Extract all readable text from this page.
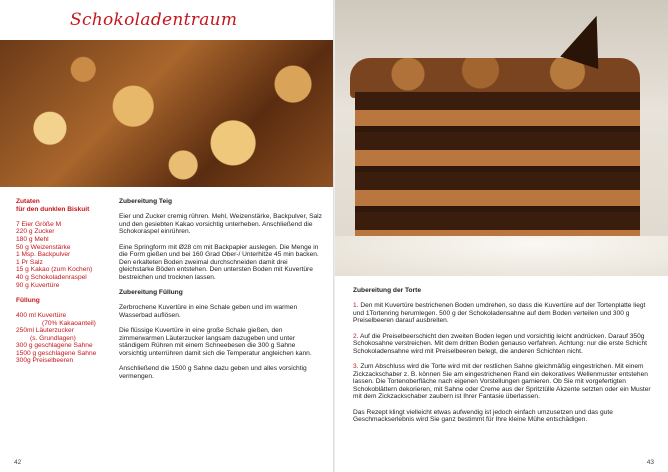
Schokoladentraum
Zutaten
für den dunklen Biskuit
7 Eier Größe M
220 g Zucker
180 g Mehl
50 g Weizenstärke
1 Msp. Backpulver
1 Pr Salz
15 g Kakao (zum Kochen)
40 g Schokoladenraspel
90 g Kuvertüre
Füllung
400 ml Kuvertüre
(70% Kakaoanteil)
250ml Läuterzucker
(s. Grundlagen)
300 g geschlagene Sahne
1500 g geschlagene Sahne
300g Preiselbeeren
Zubereitung Teig

Eier und Zucker cremig rühren. Mehl, Weizenstärke, Backpulver, Salz und den gesiebten Kakao vorsichtig unterheben. Anschließend die Schokoraspel einrühren.

Eine Springform mit Ø28 cm mit Backpapier auslegen. Die Menge in die Form gießen und bei 160 Grad Ober-/ Unterhitze 45 min backen. Den erkalteten Boden zweimal durchschneiden damit drei gleichstarke Böden entstehen. Den untersten Boden mit Kuvertüre bestreichen und trocknen lassen.

Zubereitung Füllung

Zerbrochene Kuvertüre in eine Schale geben und im warmen Wasserbad auflösen.

Die flüssige Kuvertüre in eine große Schale gießen, den zimmerwarmen Läuterzucker langsam dazugeben und unter ständigem Rühren mit einem Schneebesen die 300 g Sahne vorsichtig unterrühren damit sich die Temperatur angleichen kann.

Anschließend die 1500 g Sahne dazu geben und alles vorsichtig vermengen.

42
Zubereitung der Torte

1. Den mit Kuvertüre bestrichenen Boden umdrehen, so dass die Kuvertüre auf der Tortenplatte liegt und 1Tortenring herumlegen. 500 g der Schokoladensahne auf dem Boden verteilen und 300 g Preiselbeeren darauf ausbreiten.

2. Auf die Preiselbeerschicht den zweiten Boden legen und vorsichtig leicht andrücken. Darauf 350g Schokosahne verstreichen. Mit dem dritten Boden genauso verfahren. Achtung: nur die erste Schicht Schokoladensahne wird mit Preiselbeeren belegt, die anderen Schichten nicht.

3. Zum Abschluss wird die Torte wird mit der restlichen Sahne gleichmäßig eingestrichen. Mit einem Zickzackschaber z. B. können Sie am eingestrichenen Rand ein dekoratives Wellenmuster entstehen lassen. Die Tortenoberfläche nach eigenen Vorstellungen garnieren. Ob Sie mit vorgefertigten Schokoblättern dekorieren, mit Sahne oder Creme aus der Spritztülle Akzente setzten oder ein Muster mit dem Zickzackschaber zaubern ist Ihrer Fantasie überlassen.

Das Rezept klingt vielleicht etwas aufwendig ist jedoch einfach umzusetzen und das gute Geschmackserlebnis wird Sie ganz bestimmt für Ihre kleine Mühe entschädigen.

43
